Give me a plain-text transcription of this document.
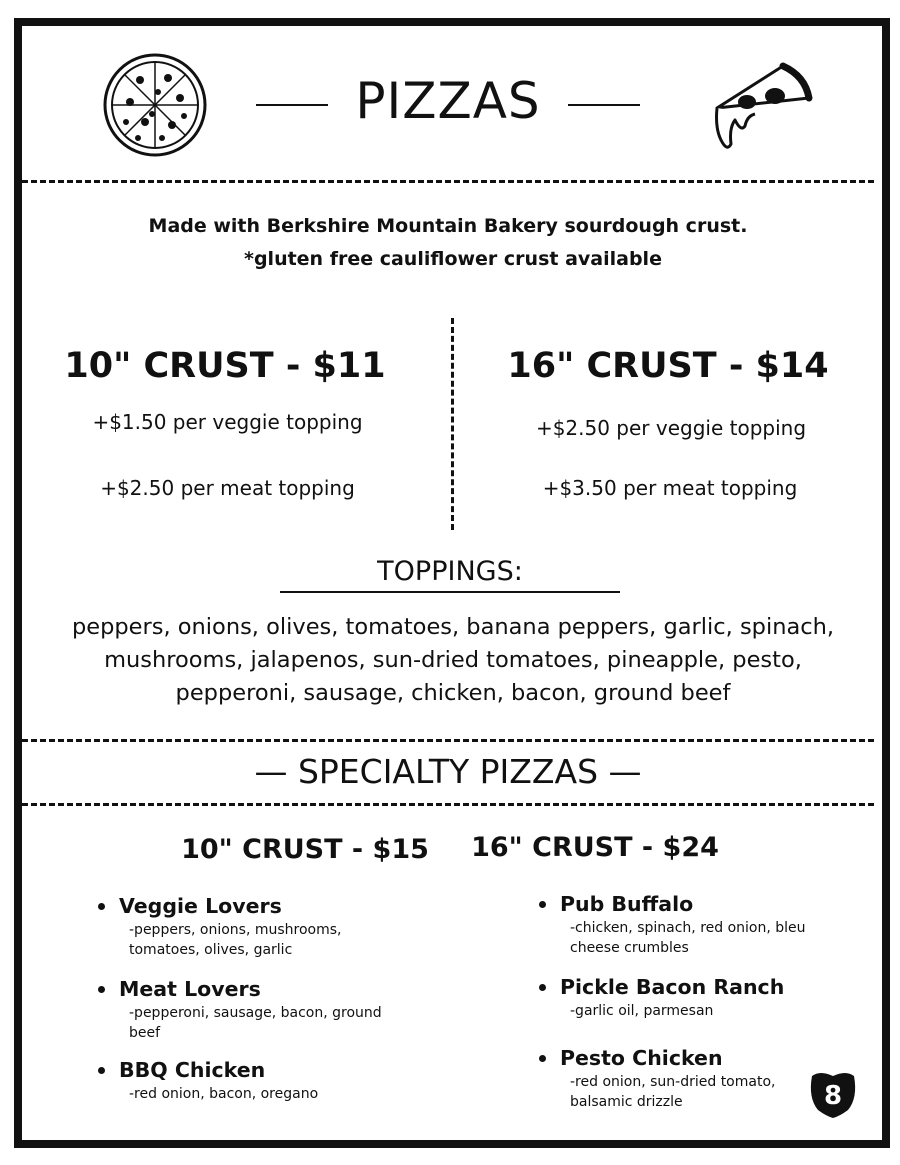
PIZZAS
Made with Berkshire Mountain Bakery sourdough crust.
*gluten free cauliflower crust available
10" CRUST - $11
+$1.50 per veggie topping
+$2.50 per meat topping
16" CRUST - $14
+$2.50 per veggie topping
+$3.50 per meat topping
TOPPINGS:
peppers, onions, olives, tomatoes, banana peppers, garlic, spinach,
mushrooms, jalapenos, sun-dried tomatoes, pineapple, pesto,
pepperoni, sausage, chicken, bacon, ground beef
— SPECIALTY PIZZAS —
10" CRUST - $15 16" CRUST - $24
Veggie Lovers
-peppers, onions, mushrooms,
tomatoes, olives, garlic
Meat Lovers
-pepperoni, sausage, bacon, ground
beef
BBQ Chicken
-red onion, bacon, oregano
Pub Buffalo
-chicken, spinach, red onion, bleu
cheese crumbles
Pickle Bacon Ranch
-garlic oil, parmesan
Pesto Chicken
-red onion, sun-dried tomato,
balsamic drizzle	8
